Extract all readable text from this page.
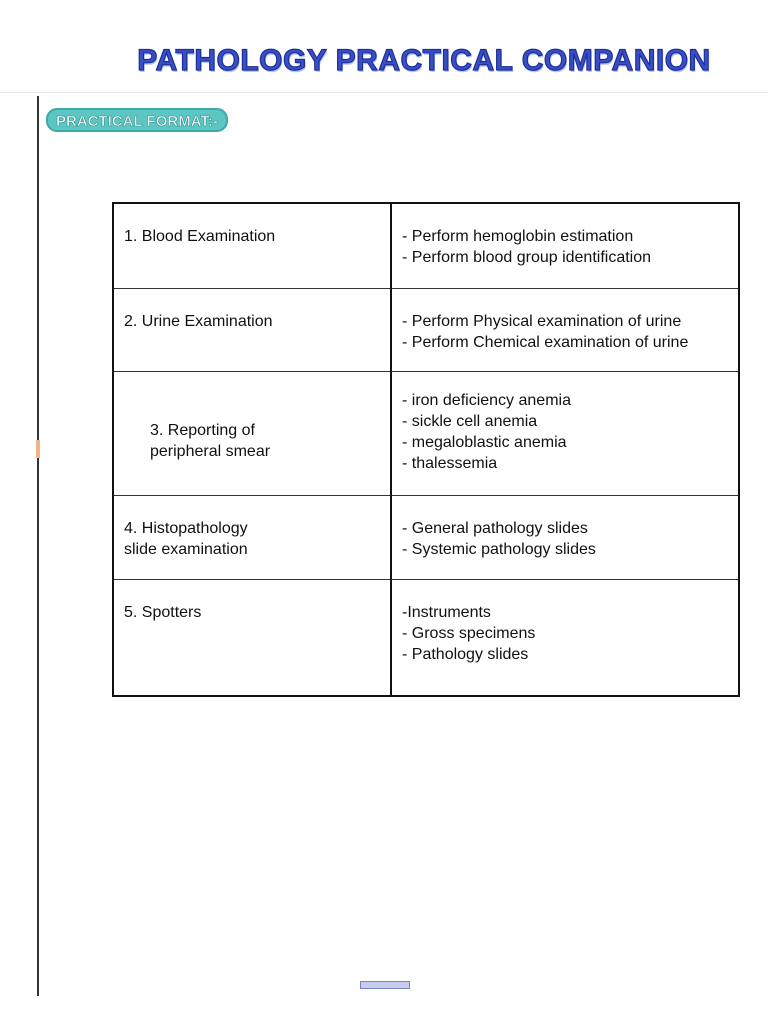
PATHOLOGY PRACTICAL COMPANION
PRACTICAL FORMAT:-
1. Blood Examination	- Perform hemoglobin estimation
- Perform blood group identification

2. Urine Examination	- Perform Physical examination of urine
- Perform Chemical examination of urine

3. Reporting of
peripheral smear	- iron deficiency anemia
- sickle cell anemia
- megaloblastic anemia
- thalessemia

4. Histopathology
slide examination	- General pathology slides
- Systemic pathology slides

5. Spotters	-Instruments
- Gross specimens
- Pathology slides
